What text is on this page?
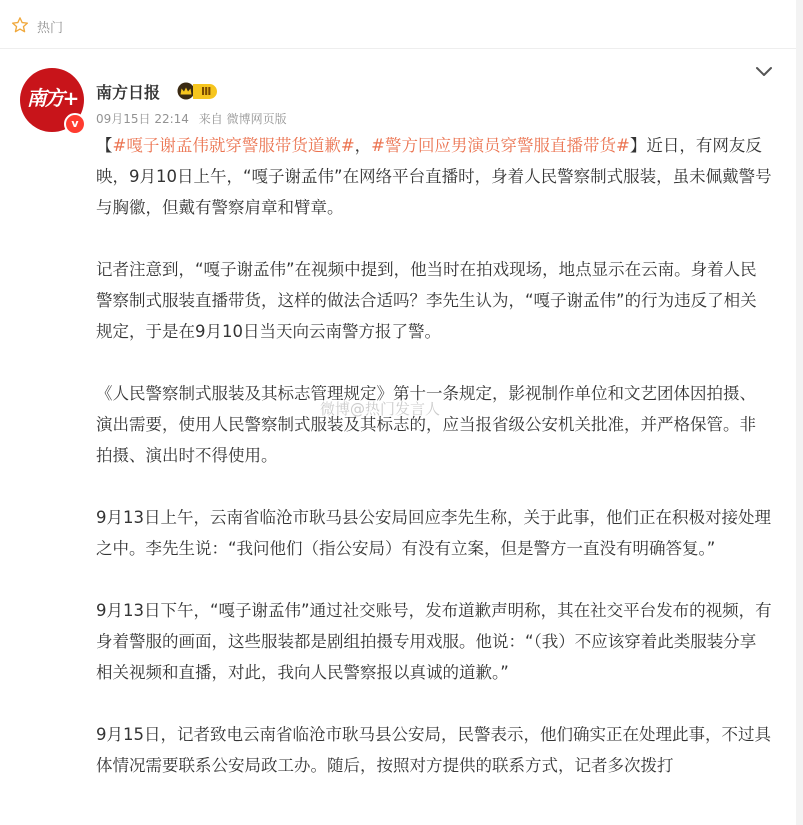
热门
南方+
v
南方日报	Ⅲ
09月15日 22:14 来自 微博网页版

【#嘎子谢孟伟就穿警服带货道歉#，#警方回应男演员穿警服直播带货#】近日，有网友反映，9月10日上午，“嘎子谢孟伟”在网络平台直播时，身着人民警察制式服装，虽未佩戴警号与胸徽，但戴有警察肩章和臂章。

记者注意到，“嘎子谢孟伟”在视频中提到，他当时在拍戏现场，地点显示在云南。身着人民警察制式服装直播带货，这样的做法合适吗？李先生认为，“嘎子谢孟伟”的行为违反了相关规定，于是在9月10日当天向云南警方报了警。

《人民警察制式服装及其标志管理规定》第十一条规定，影视制作单位和文艺团体因拍摄、演出需要，使用人民警察制式服装及其标志的，应当报省级公安机关批准，并严格保管。非拍摄、演出时不得使用。

9月13日上午，云南省临沧市耿马县公安局回应李先生称，关于此事，他们正在积极对接处理之中。李先生说：“我问他们（指公安局）有没有立案，但是警方一直没有明确答复。”

9月13日下午，“嘎子谢孟伟”通过社交账号，发布道歉声明称，其在社交平台发布的视频，有身着警服的画面，这些服装都是剧组拍摄专用戏服。他说：“（我）不应该穿着此类服装分享相关视频和直播，对此，我向人民警察报以真诚的道歉。”

9月15日，记者致电云南省临沧市耿马县公安局，民警表示，他们确实正在处理此事，不过具体情况需要联系公安局政工办。随后，按照对方提供的联系方式，记者多次拨打

微博@热门发言人
